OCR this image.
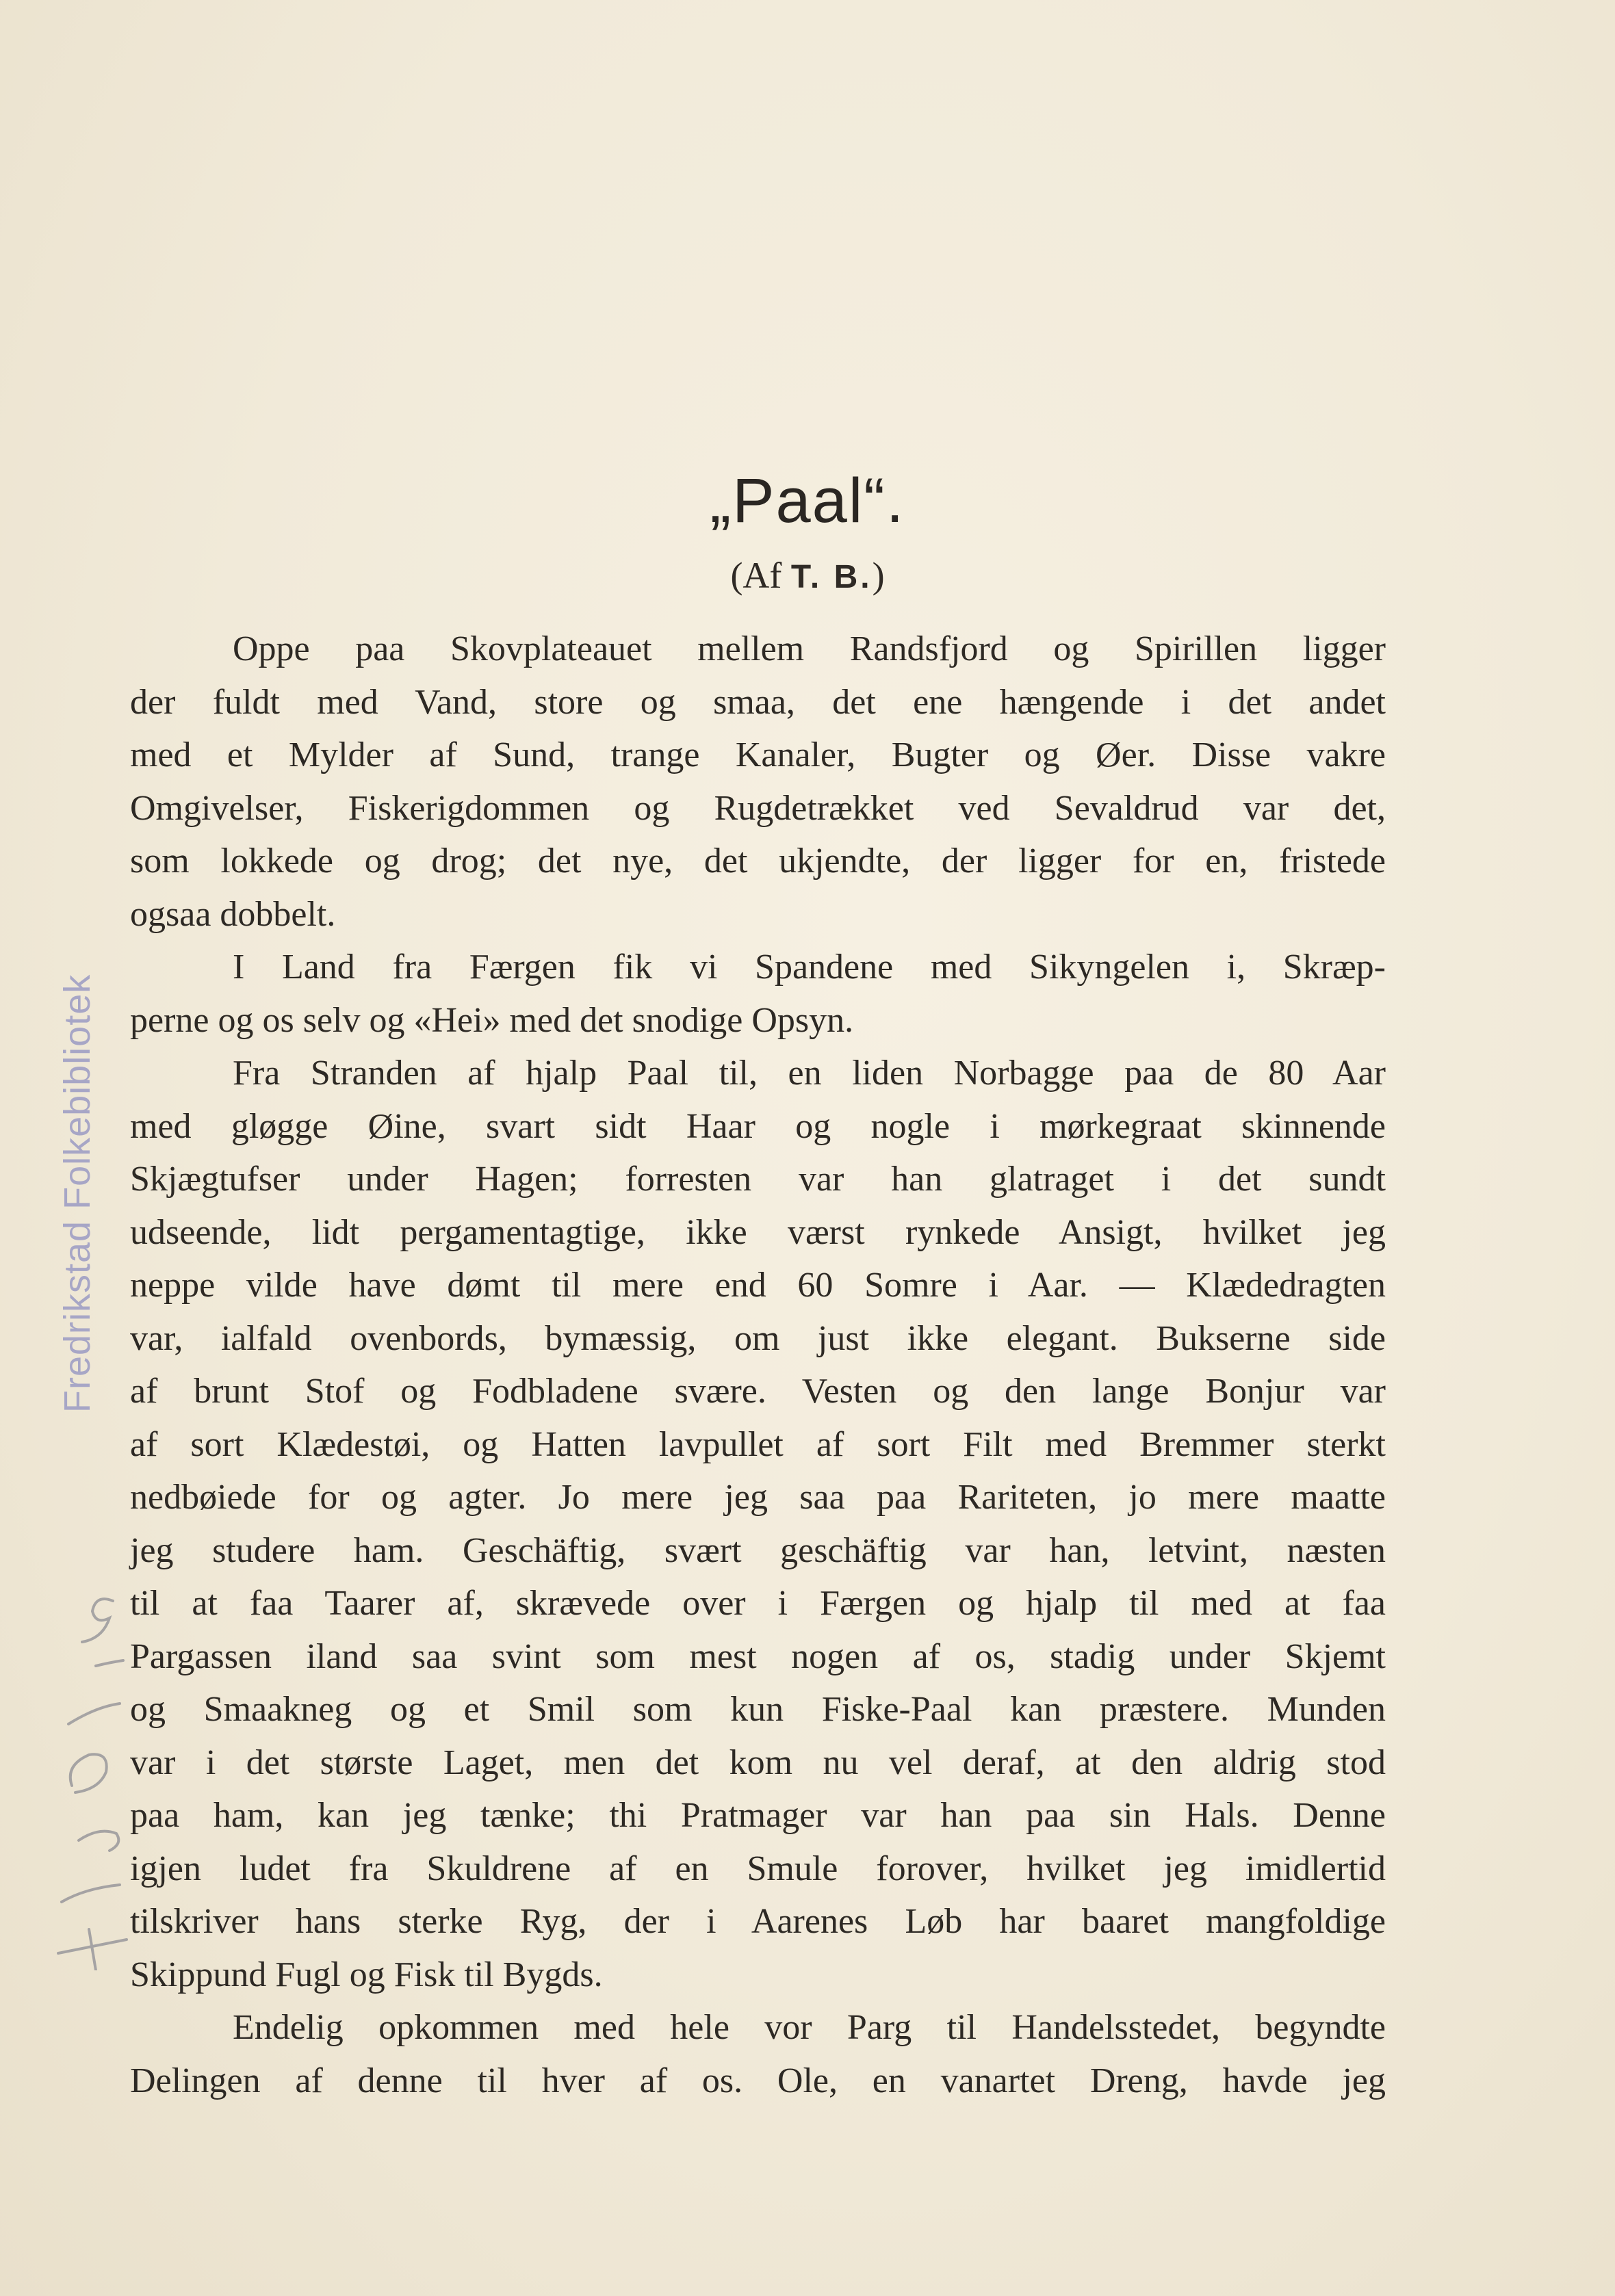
Fredrikstad Folkebibliotek
„Paal“.
(Af T. B.)
Oppe paa Skovplateauet mellem Randsfjord og Spirillen ligger
der fuldt med Vand, store og smaa, det ene hængende i det andet
med et Mylder af Sund, trange Kanaler, Bugter og Øer. Disse vakre
Omgivelser, Fiskerigdommen og Rugdetrækket ved Sevaldrud var det,
som lokkede og drog; det nye, det ukjendte, der ligger for en, fristede
ogsaa dobbelt.
I Land fra Færgen fik vi Spandene med Sikyngelen i, Skræp-
perne og os selv og «Hei» med det snodige Opsyn.
Fra Stranden af hjalp Paal til, en liden Norbagge paa de 80 Aar
med gløgge Øine, svart sidt Haar og nogle i mørkegraat skinnende
Skjægtufser under Hagen; forresten var han glatraget i det sundt
udseende, lidt pergamentagtige, ikke værst rynkede Ansigt, hvilket jeg
neppe vilde have dømt til mere end 60 Somre i Aar. — Klædedragten
var, ialfald ovenbords, bymæssig, om just ikke elegant. Bukserne side
af brunt Stof og Fodbladene svære. Vesten og den lange Bonjur var
af sort Klædestøi, og Hatten lavpullet af sort Filt med Bremmer sterkt
nedbøiede for og agter. Jo mere jeg saa paa Rariteten, jo mere maatte
jeg studere ham. Geschäftig, svært geschäftig var han, letvint, næsten
til at faa Taarer af, skrævede over i Færgen og hjalp til med at faa
Pargassen iland saa svint som mest nogen af os, stadig under Skjemt
og Smaakneg og et Smil som kun Fiske-Paal kan præstere. Munden
var i det største Laget, men det kom nu vel deraf, at den aldrig stod
paa ham, kan jeg tænke; thi Pratmager var han paa sin Hals. Denne
igjen ludet fra Skuldrene af en Smule forover, hvilket jeg imidlertid
tilskriver hans sterke Ryg, der i Aarenes Løb har baaret mangfoldige
Skippund Fugl og Fisk til Bygds.
Endelig opkommen med hele vor Parg til Handelsstedet, begyndte
Delingen af denne til hver af os. Ole, en vanartet Dreng, havde jeg
